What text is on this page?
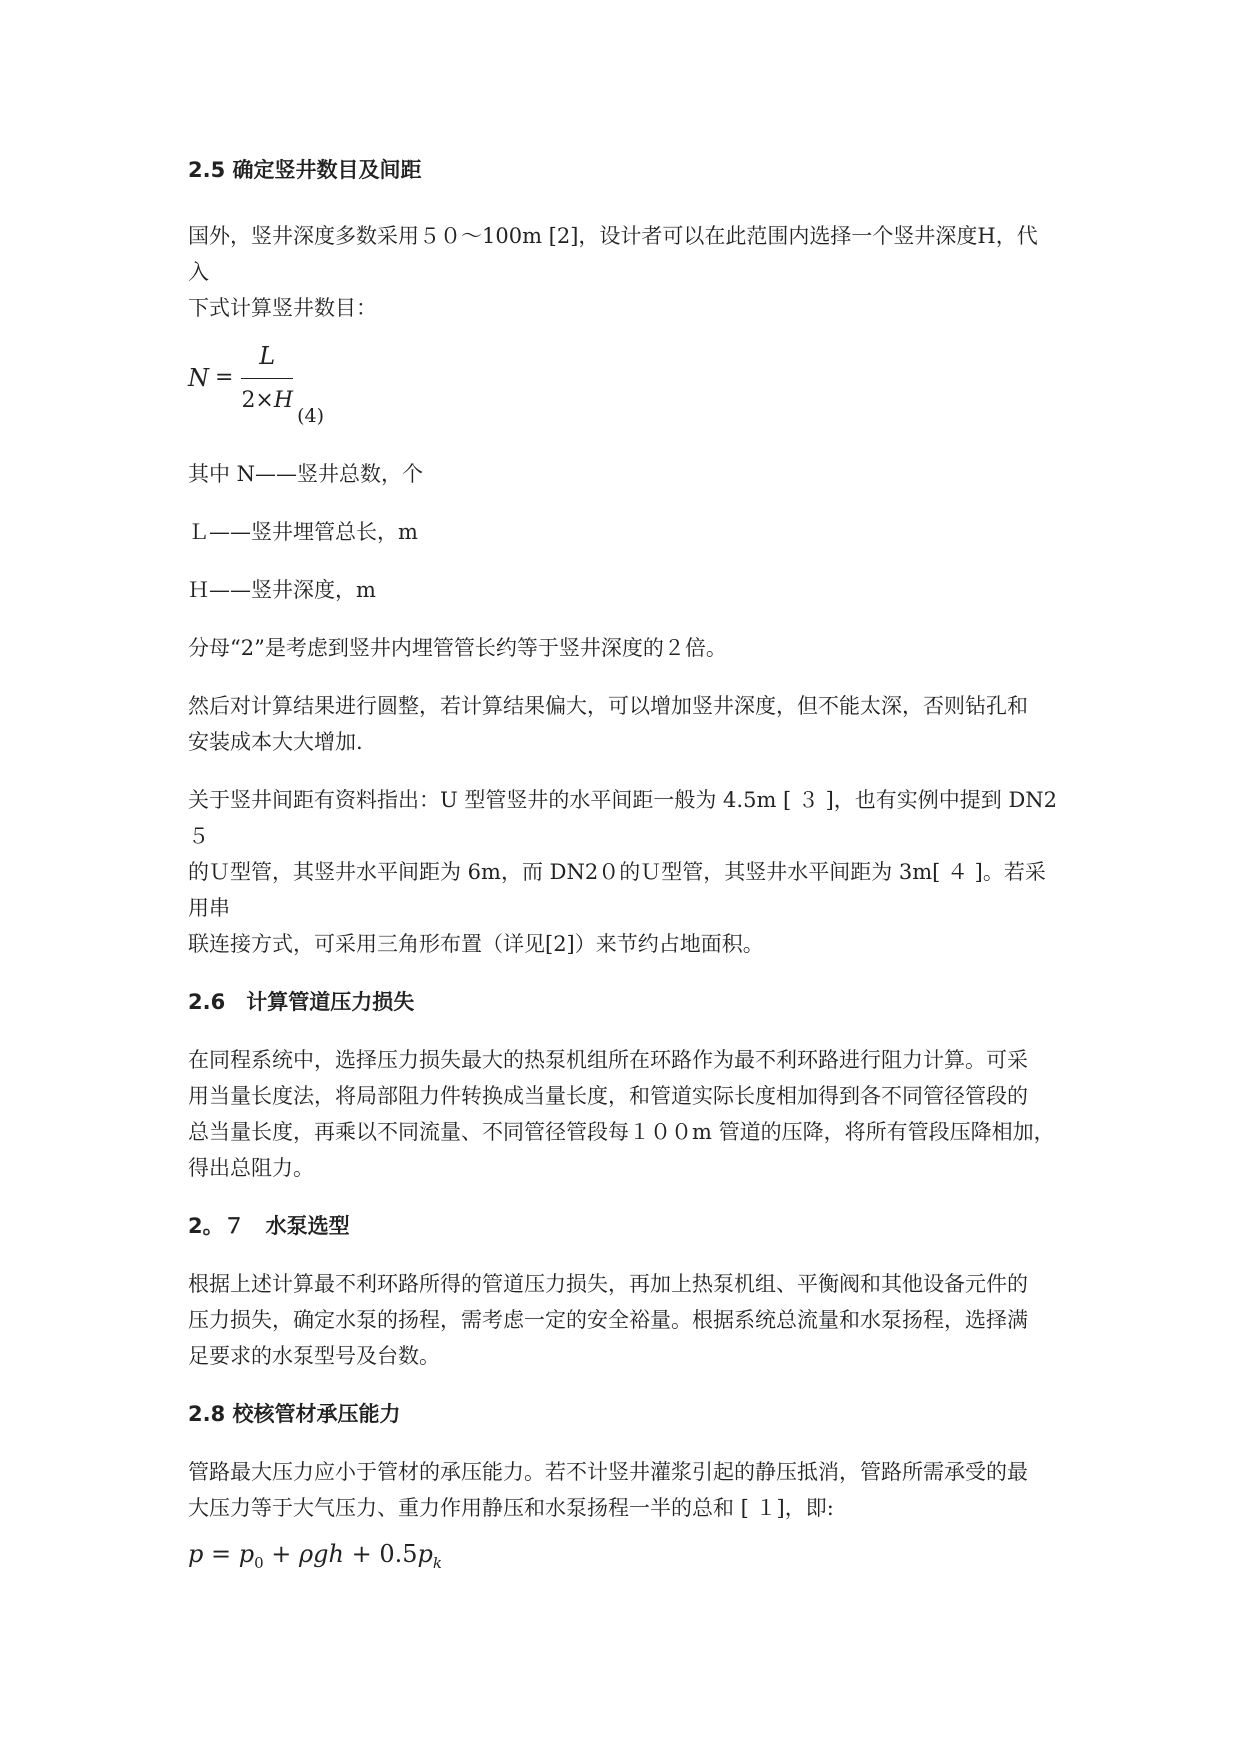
2.5 确定竖井数目及间距

国外，竖井深度多数采用５０～100m [2]，设计者可以在此范围内选择一个竖井深度H，代入
下式计算竖井数目：

$N = \frac{L}{2\times H} (4)$

其中 N——竖井总数，个

Ｌ——竖井埋管总长，m

Ｈ——竖井深度，m

分母“2”是考虑到竖井内埋管管长约等于竖井深度的２倍。

然后对计算结果进行圆整，若计算结果偏大，可以增加竖井深度，但不能太深，否则钻孔和
安装成本大大增加.

关于竖井间距有资料指出：U 型管竖井的水平间距一般为 4.5m [ ３ ]，也有实例中提到 DN2５
的Ｕ型管，其竖井水平间距为 6m，而 DN2０的Ｕ型管，其竖井水平间距为 3m[ ４ ]。若采用串
联连接方式，可采用三角形布置（详见[2]）来节约占地面积。

2.6　计算管道压力损失

在同程系统中，选择压力损失最大的热泵机组所在环路作为最不利环路进行阻力计算。可采
用当量长度法，将局部阻力件转换成当量长度，和管道实际长度相加得到各不同管径管段的
总当量长度，再乘以不同流量、不同管径管段每１００m 管道的压降，将所有管段压降相加，
得出总阻力。

2。７　水泵选型

根据上述计算最不利环路所得的管道压力损失，再加上热泵机组、平衡阀和其他设备元件的
压力损失，确定水泵的扬程，需考虑一定的安全裕量。根据系统总流量和水泵扬程，选择满
足要求的水泵型号及台数。

2.8 校核管材承压能力

管路最大压力应小于管材的承压能力。若不计竖井灌浆引起的静压抵消，管路所需承受的最
大压力等于大气压力、重力作用静压和水泵扬程一半的总和 [ １]，即:

$p = p_0 + \rho gh + 0.5p_k$
